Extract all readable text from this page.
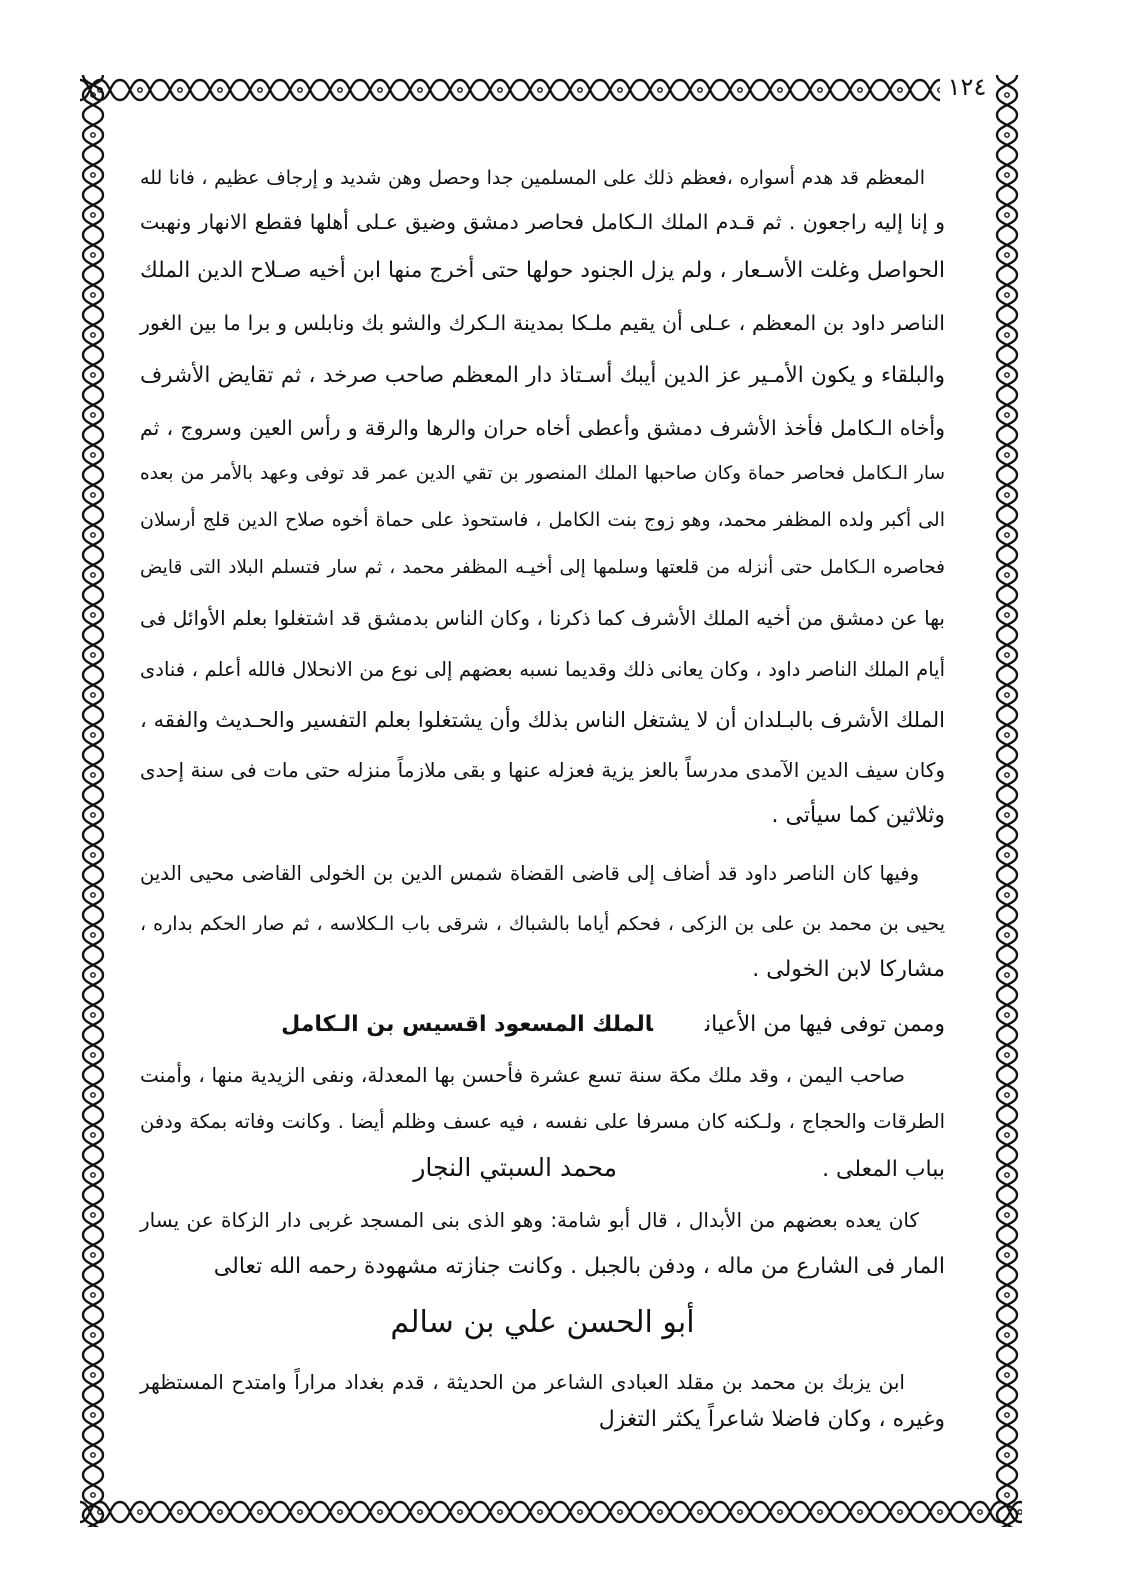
١٢٤
المعظم قد هدم أسواره ،فعظم ذلك على المسلمين جدا وحصل وهن شديد و إرجاف عظيم ، فانا لله
و إنا إليه راجعون . ثم قـدم الملك الـكامل فحاصر دمشق وضيق عـلى أهلها فقطع الانهار ونهبت
الحواصل وغلت الأسـعار ، ولم يزل الجنود حولها حتى أخرج منها ابن أخيه صـلاح الدين الملك
الناصر داود بن المعظم ، عـلى أن يقيم ملـكا بمدينة الـكرك والشو بك ونابلس و برا ما بين الغور
والبلقاء و يكون الأمـير عز الدين أيبك أسـتاذ دار المعظم صاحب صرخد ، ثم تقايض الأشرف
وأخاه الـكامل فأخذ الأشرف دمشق وأعطى أخاه حران والرها والرقة و رأس العين وسروج ، ثم
سار الـكامل فحاصر حماة وكان صاحبها الملك المنصور بن تقي الدين عمر قد توفى وعهد بالأمر من بعده
الى أكبر ولده المظفر محمد، وهو زوج بنت الكامل ، فاستحوذ على حماة أخوه صلاح الدين قلج أرسلان
فحاصره الـكامل حتى أنزله من قلعتها وسلمها إلى أخيـه المظفر محمد ، ثم سار فتسلم البلاد التى قايض
بها عن دمشق من أخيه الملك الأشرف كما ذكرنا ، وكان الناس بدمشق قد اشتغلوا بعلم الأوائل فى
أيام الملك الناصر داود ، وكان يعانى ذلك وقديما نسبه بعضهم إلى نوع من الانحلال فالله أعلم ، فنادى
الملك الأشرف بالبـلدان أن لا يشتغل الناس بذلك وأن يشتغلوا بعلم التفسير والحـديث والفقه ،
وكان سيف الدين الآمدى مدرساً بالعز يزية فعزله عنها و بقى ملازماً منزله حتى مات فى سنة إحدى
وثلاثين كما سيأتى .
وفيها كان الناصر داود قد أضاف إلى قاضى القضاة شمس الدين بن الخولى القاضى محيى الدين
يحيى بن محمد بن على بن الزكى ، فحكم أياما بالشباك ، شرقى باب الـكلاسه ، ثم صار الحكم بداره ،
مشاركا لابن الخولى .
وممن توفى فيها من الأعيانالملك المسعود اقسيس بن الـكامل
صاحب اليمن ، وقد ملك مكة سنة تسع عشرة فأحسن بها المعدلة، ونفى الزيدية منها ، وأمنت
الطرقات والحجاج ، ولـكنه كان مسرفا على نفسه ، فيه عسف وظلم أيضا . وكانت وفاته بمكة ودفن
بباب المعلى .محمد السبتي النجار
كان يعده بعضهم من الأبدال ، قال أبو شامة: وهو الذى بنى المسجد غربى دار الزكاة عن يسار
المار فى الشارع من ماله ، ودفن بالجبل . وكانت جنازته مشهودة رحمه الله تعالى
أبو الحسن علي بن سالم
ابن يزبك بن محمد بن مقلد العبادى الشاعر من الحديثة ، قدم بغداد مراراً وامتدح المستظهر
وغيره ، وكان فاضلا شاعراً يكثر التغزل
